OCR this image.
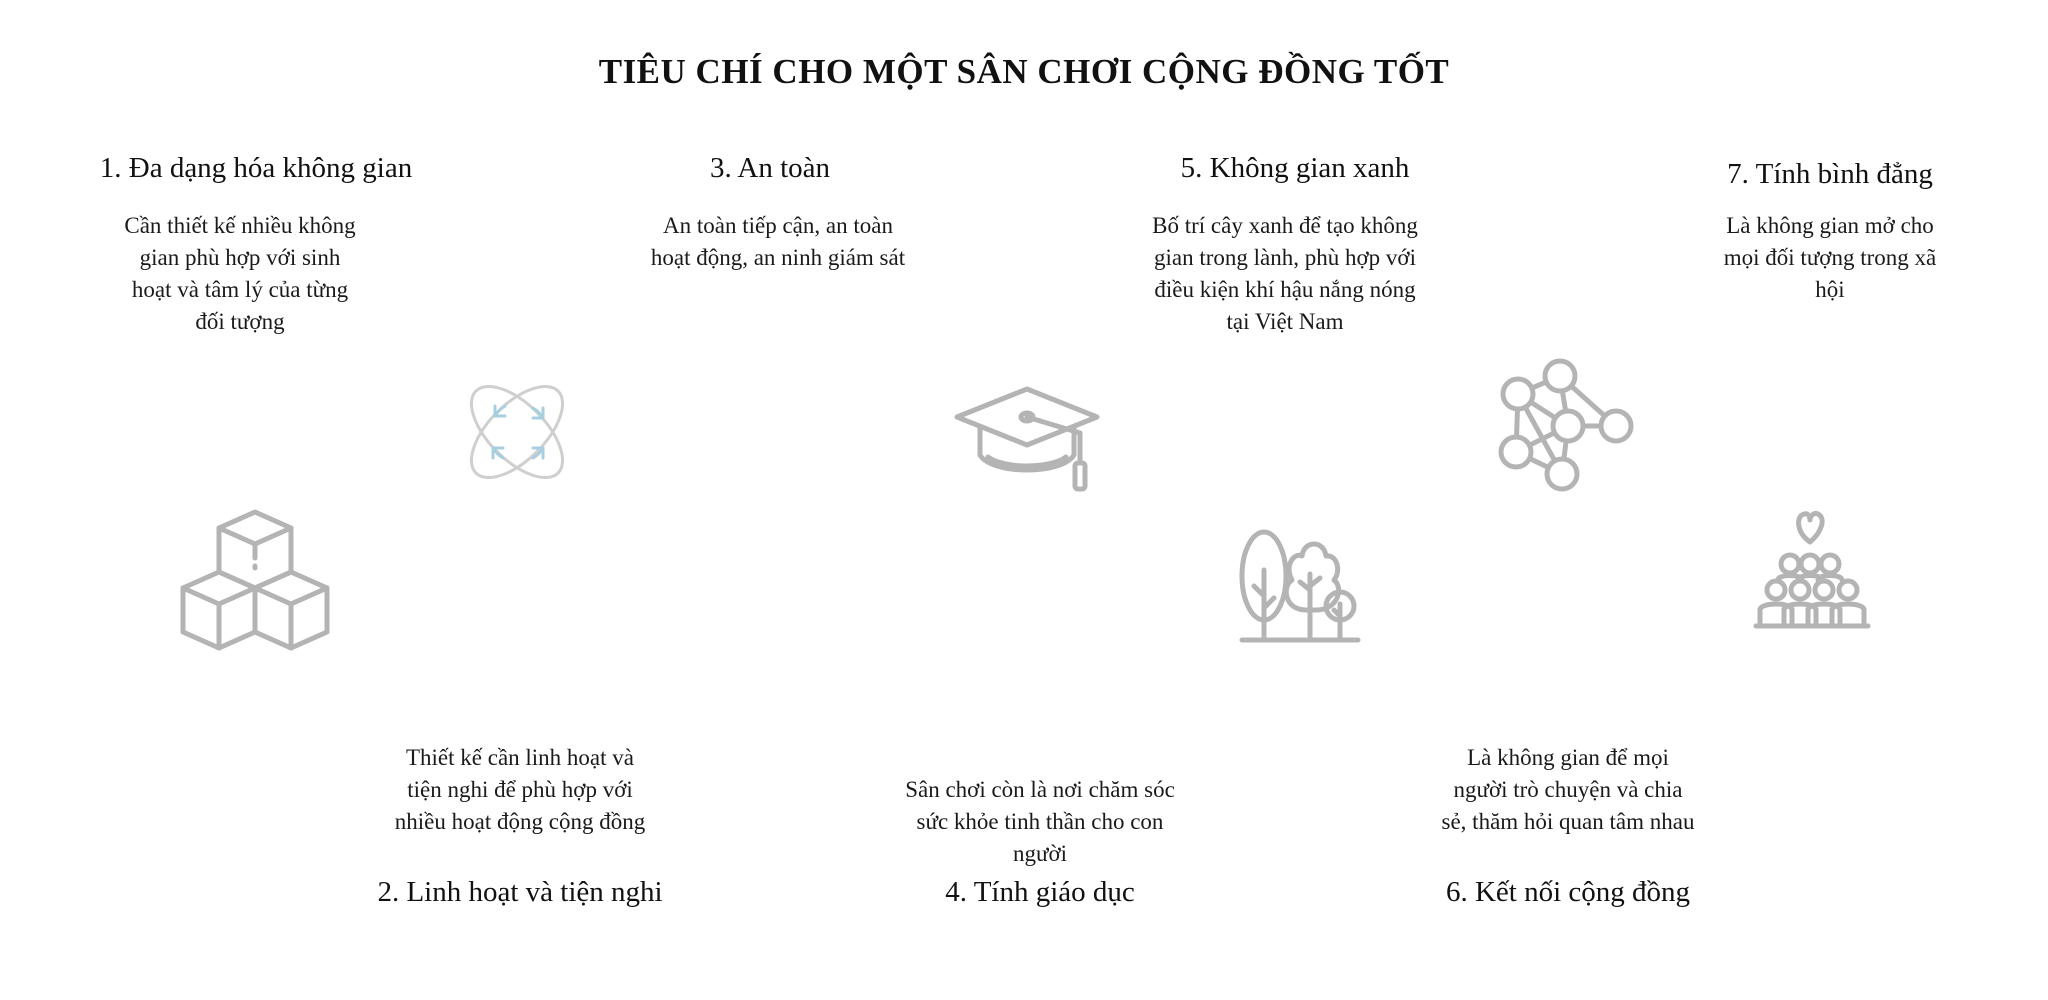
TIÊU CHÍ CHO MỘT SÂN CHƠI CỘNG ĐỒNG TỐT
1. Đa dạng hóa không gian
Cần thiết kế nhiều không gian phù hợp với sinh hoạt và tâm lý của từng đối tượng
3. An toàn
An toàn tiếp cận, an toàn hoạt động, an ninh giám sát
5. Không gian xanh
Bố trí cây xanh để tạo không gian trong lành, phù hợp với điều kiện khí hậu nắng nóng tại Việt Nam
7. Tính bình đẳng
Là không gian mở cho mọi đối tượng trong xã hội
Thiết kế cần linh hoạt và tiện nghi để phù hợp với nhiều hoạt động cộng đồng
2. Linh hoạt và tiện nghi
Sân chơi còn là nơi chăm sóc sức khỏe tinh thần cho con người
4. Tính giáo dục
Là không gian để mọi người trò chuyện và chia sẻ, thăm hỏi quan tâm nhau
6. Kết nối cộng đồng
